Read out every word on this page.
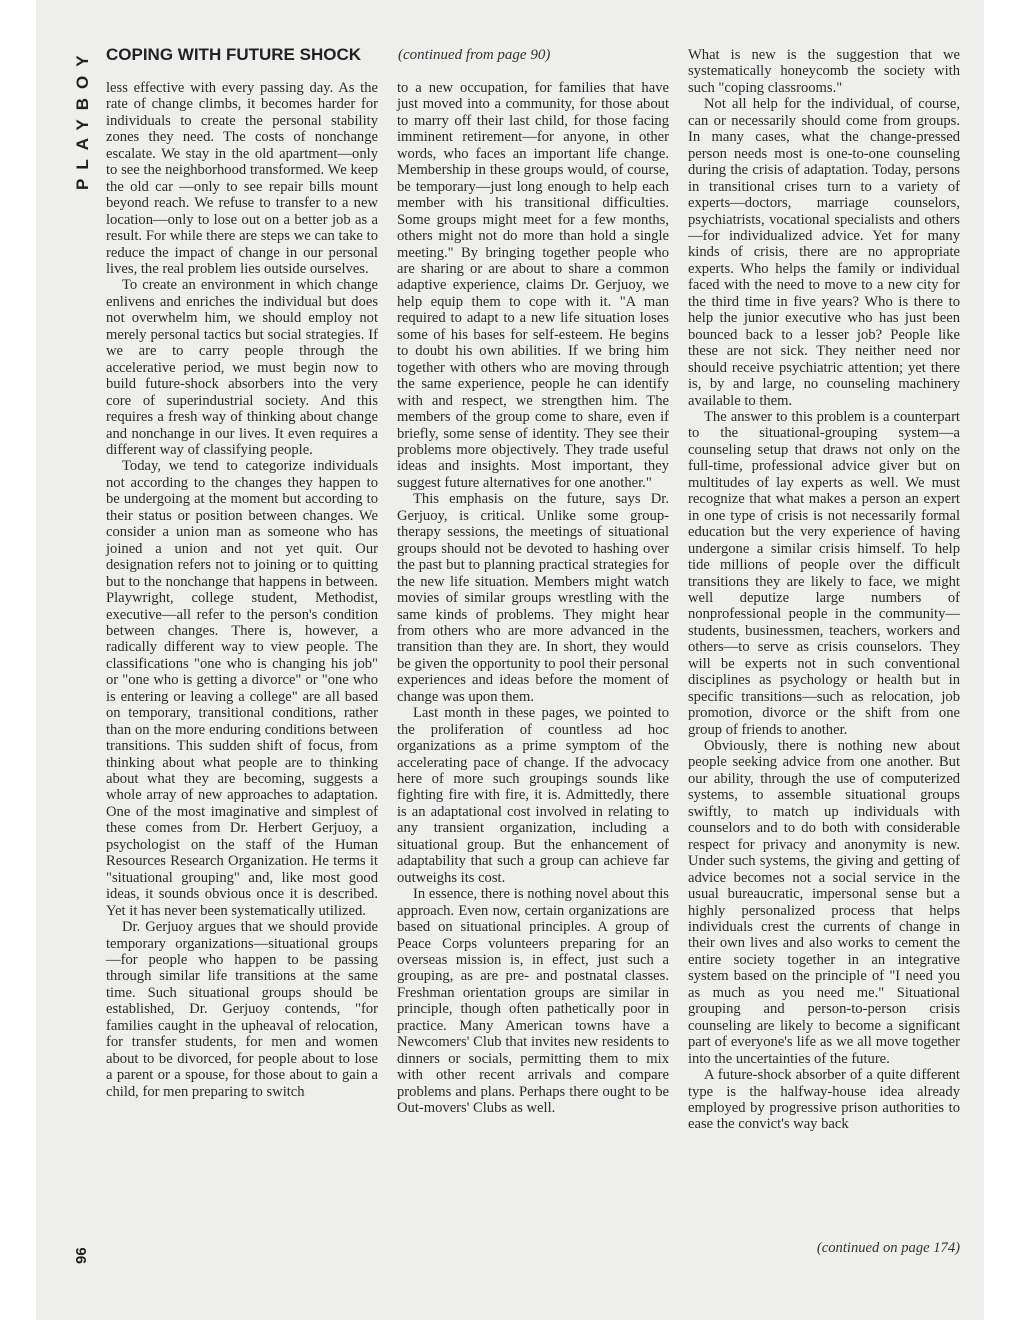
PLAYBOY COPING WITH FUTURE SHOCK	(continued from page 90)

less effective with every passing day. As the rate of change climbs, it becomes harder for individuals to create the personal stability zones they need. The costs of nonchange escalate. We stay in the old apartment—only to see the neighborhood transformed. We keep the old car —only to see repair bills mount beyond reach. We refuse to transfer to a new location—only to lose out on a better job as a result. For while there are steps we can take to reduce the impact of change in our personal lives, the real problem lies outside ourselves.

To create an environment in which change enlivens and enriches the individual but does not overwhelm him, we should employ not merely personal tactics but social strategies. If we are to carry people through the accelerative period, we must begin now to build future-shock absorbers into the very core of superindustrial society. And this requires a fresh way of thinking about change and nonchange in our lives. It even requires a different way of classifying people.

Today, we tend to categorize individuals not according to the changes they happen to be undergoing at the moment but according to their status or position between changes. We consider a union man as someone who has joined a union and not yet quit. Our designation refers not to joining or to quitting but to the nonchange that happens in between. Playwright, college student, Methodist, executive—all refer to the person's condition between changes. There is, however, a radically different way to view people. The classifications "one who is changing his job" or "one who is getting a divorce" or "one who is entering or leaving a college" are all based on temporary, transitional conditions, rather than on the more enduring conditions between transitions. This sudden shift of focus, from thinking about what people are to thinking about what they are becoming, suggests a whole array of new approaches to adaptation. One of the most imaginative and simplest of these comes from Dr. Herbert Gerjuoy, a psychologist on the staff of the Human Resources Research Organization. He terms it "situational grouping" and, like most good ideas, it sounds obvious once it is described. Yet it has never been systematically utilized.

Dr. Gerjuoy argues that we should provide temporary organizations—situational groups—for people who happen to be passing through similar life transitions at the same time. Such situational groups should be established, Dr. Gerjuoy contends, "for families caught in the upheaval of relocation, for transfer students, for men and women about to be divorced, for people about to lose a parent or a spouse, for those about to gain a child, for men preparing to switch

to a new occupation, for families that have just moved into a community, for those about to marry off their last child, for those facing imminent retirement—for anyone, in other words, who faces an important life change. Membership in these groups would, of course, be temporary—just long enough to help each member with his transitional difficulties. Some groups might meet for a few months, others might not do more than hold a single meeting." By bringing together people who are sharing or are about to share a common adaptive experience, claims Dr. Gerjuoy, we help equip them to cope with it. "A man required to adapt to a new life situation loses some of his bases for self-esteem. He begins to doubt his own abilities. If we bring him together with others who are moving through the same experience, people he can identify with and respect, we strengthen him. The members of the group come to share, even if briefly, some sense of identity. They see their problems more objectively. They trade useful ideas and insights. Most important, they suggest future alternatives for one another."

This emphasis on the future, says Dr. Gerjuoy, is critical. Unlike some group-therapy sessions, the meetings of situational groups should not be devoted to hashing over the past but to planning practical strategies for the new life situation. Members might watch movies of similar groups wrestling with the same kinds of problems. They might hear from others who are more advanced in the transition than they are. In short, they would be given the opportunity to pool their personal experiences and ideas before the moment of change was upon them.

Last month in these pages, we pointed to the proliferation of countless ad hoc organizations as a prime symptom of the accelerating pace of change. If the advocacy here of more such groupings sounds like fighting fire with fire, it is. Admittedly, there is an adaptational cost involved in relating to any transient organization, including a situational group. But the enhancement of adaptability that such a group can achieve far outweighs its cost.

In essence, there is nothing novel about this approach. Even now, certain organizations are based on situational principles. A group of Peace Corps volunteers preparing for an overseas mission is, in effect, just such a grouping, as are pre- and postnatal classes. Freshman orientation groups are similar in principle, though often pathetically poor in practice. Many American towns have a Newcomers' Club that invites new residents to dinners or socials, permitting them to mix with other recent arrivals and compare problems and plans. Perhaps there ought to be Out-movers' Clubs as well.

What is new is the suggestion that we systematically honeycomb the society with such "coping classrooms."

Not all help for the individual, of course, can or necessarily should come from groups. In many cases, what the change-pressed person needs most is one-to-one counseling during the crisis of adaptation. Today, persons in transitional crises turn to a variety of experts—doctors, marriage counselors, psychiatrists, vocational specialists and others—for individualized advice. Yet for many kinds of crisis, there are no appropriate experts. Who helps the family or individual faced with the need to move to a new city for the third time in five years? Who is there to help the junior executive who has just been bounced back to a lesser job? People like these are not sick. They neither need nor should receive psychiatric attention; yet there is, by and large, no counseling machinery available to them.

The answer to this problem is a counterpart to the situational-grouping system—a counseling setup that draws not only on the full-time, professional advice giver but on multitudes of lay experts as well. We must recognize that what makes a person an expert in one type of crisis is not necessarily formal education but the very experience of having undergone a similar crisis himself. To help tide millions of people over the difficult transitions they are likely to face, we might well deputize large numbers of nonprofessional people in the community—students, businessmen, teachers, workers and others—to serve as crisis counselors. They will be experts not in such conventional disciplines as psychology or health but in specific transitions—such as relocation, job promotion, divorce or the shift from one group of friends to another.

Obviously, there is nothing new about people seeking advice from one another. But our ability, through the use of computerized systems, to assemble situational groups swiftly, to match up individuals with counselors and to do both with considerable respect for privacy and anonymity is new. Under such systems, the giving and getting of advice becomes not a social service in the usual bureaucratic, impersonal sense but a highly personalized process that helps individuals crest the currents of change in their own lives and also works to cement the entire society together in an integrative system based on the principle of "I need you as much as you need me." Situational grouping and person-to-person crisis counseling are likely to become a significant part of everyone's life as we all move together into the uncertainties of the future.

A future-shock absorber of a quite different type is the halfway-house idea already employed by progressive prison authorities to ease the convict's way back

(continued on page 174)
96
